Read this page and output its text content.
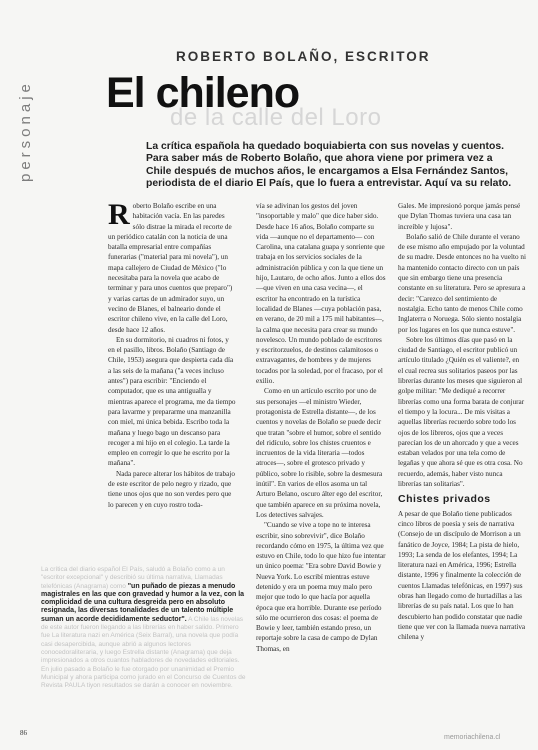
personaje
ROBERTO BOLAÑO, ESCRITOR
de la calle del Loro
El chileno
La crítica española ha quedado boquiabierta con sus novelas y cuentos. Para saber más de Roberto Bolaño, que ahora viene por primera vez a Chile después de muchos años, le encargamos a Elsa Fernández Santos, periodista de el diario El País, que lo fuera a entrevistar. Aquí va su relato.

Roberto Bolaño escribe en una habitación vacía. En las paredes sólo distrae la mirada el recorte de un periódico catalán con la noticia de una batalla empresarial entre compañías funerarias ("material para mi novela"), un mapa callejero de Ciudad de México ("lo necesitaba para la novela que acabo de terminar y para unos cuentos que preparo") y varias cartas de un admirador suyo, un vecino de Blanes, el balneario donde el escritor chileno vive, en la calle del Loro, desde hace 12 años.

En su dormitorio, ni cuadros ni fotos, y en el pasillo, libros. Bolaño (Santiago de Chile, 1953) asegura que despierta cada día a las seis de la mañana ("a veces incluso antes") para escribir: "Enciendo el computador, que es una antigualla y mientras aparece el programa, me da tiempo para lavarme y prepararme una manzanilla con miel, mi única bebida. Escribo toda la mañana y luego bago un descanso para recoger a mi hijo en el colegio. La tarde la empleo en corregir lo que he escrito por la mañana".

Nada parece alterar los hábitos de trabajo de este escritor de pelo negro y rizado, que tiene unos ojos que no son verdes pero que lo parecen y en cuyo rostro toda-

vía se adivinan los gestos del joven "insoportable y malo" que dice haber sido. Desde hace 16 años, Bolaño comparte su vida —aunque no el departamento— con Carolina, una catalana guapa y sonriente que trabaja en los servicios sociales de la administración pública y con la que tiene un hijo, Lautaro, de ocho años. Junto a ellos dos —que viven en una casa vecina—, el escritor ha encontrado en la turística localidad de Blanes —cuya población pasa, en verano, de 20 mil a 175 mil habitantes—, la calma que necesita para crear su mundo novelesco. Un mundo poblado de escritores y escritorzuelos, de destinos calamitosos o extravagantes, de hombres y de mujeres tocados por la soledad, por el fracaso, por el exilio.

Como en un artículo escrito por uno de sus personajes —el ministro Wieder, protagonista de Estrella distante—, de los cuentos y novelas de Bolaño se puede decir que tratan "sobre el humor, sobre el sentido del ridículo, sobre los chistes cruentos e incruentos de la vida literaria —todos atroces—, sobre el grotesco privado y público, sobre lo risible, sobre la desmesura inútil". En varios de ellos asoma un tal Arturo Belano, oscuro álter ego del escritor, que también aparece en su próxima novela, Los detectives salvajes.

"Cuando se vive a tope no te interesa escribir, sino sobrevivir", dice Bolaño recordando cómo en 1975, la última vez que estuvo en Chile, todo lo que hizo fue intentar un único poema: "Era sobre David Bowie y Nueva York. Lo escribí mientras estuve detenido y era un poema muy malo pero mejor que todo lo que hacía por aquella época que era horrible. Durante ese período sólo me ocurrieron dos cosas: el poema de Bowie y leer, también estando preso, un reportaje sobre la casa de campo de Dylan Thomas, en

Gales. Me impresionó porque jamás pensé que Dylan Thomas tuviera una casa tan increíble y lujosa".

Bolaño salió de Chile durante el verano de ese mismo año empujado por la voluntad de su madre. Desde entonces no ha vuelto ni ha mantenido contacto directo con un país que sin embargo tiene una presencia constante en su literatura. Pero se apresura a decir: "Carezco del sentimiento de nostalgia. Echo tanto de menos Chile como Inglaterra o Noruega. Sólo siento nostalgia por los lugares en los que nunca estuve".

Sobre los últimos días que pasó en la ciudad de Santiago, el escritor publicó un artículo titulado ¿Quién es el valiente?, en el cual recrea sus solitarios paseos por las librerías durante los meses que siguieron al golpe militar: "Me dediqué a recorrer librerías como una forma barata de conjurar el tiempo y la locura... De mis visitas a aquellas librerías recuerdo sobre todo los ojos de los libreros, ojos que a veces parecían los de un ahorcado y que a veces estaban velados por una tela como de legañas y que ahora sé que es otra cosa. No recuerdo, además, haber visto nunca librerías tan solitarias".

Chistes privados

A pesar de que Bolaño tiene publicados cinco libros de poesía y seis de narrativa (Consejo de un discípulo de Morrison a un fanático de Joyce, 1984; La pista de hielo, 1993; La senda de los elefantes, 1994; La literatura nazi en América, 1996; Estrella distante, 1996 y finalmente la colección de cuentos Llamadas telefónicas, en 1997) sus obras han llegado como de hurtadillas a las librerías de su país natal. Los que lo han descubierto han podido constatar que nadie tiene que ver con la llamada nueva narrativa chilena y

La crítica del diario español El País, saludó a Bolaño como a un "escritor excepcional" y describió su última narrativa, Llamadas telefónicas (Anagrama) como "un puñado de piezas a menudo magistrales en las que con gravedad y humor a la vez, con la complicidad de una cultura desgreida pero en absoluto resignada, las diversas tonalidades de un talento múltiple suman un acorde decididamente seductor". A Chile las novelas de este autor fueron llegando a las librerías en haber salido. Primero fue La literatura nazi en América (Seix Barral), una novela que podía casi desapercibida, aunque abrió a algunos lectores conocedoraliteraria, y luego Estrella distante (Anagrama) que deja impresionados a otros cuantos habladores de novedades editoriales. En julio pasado a Bolaño le fue otorgado por unanimidad el Premio Municipal y ahora participa como jurado en el Concurso de Cuentos de Revista PAULA tiyon resultados se darán a conocer en noviembre.
86
memoriachilena.cl
